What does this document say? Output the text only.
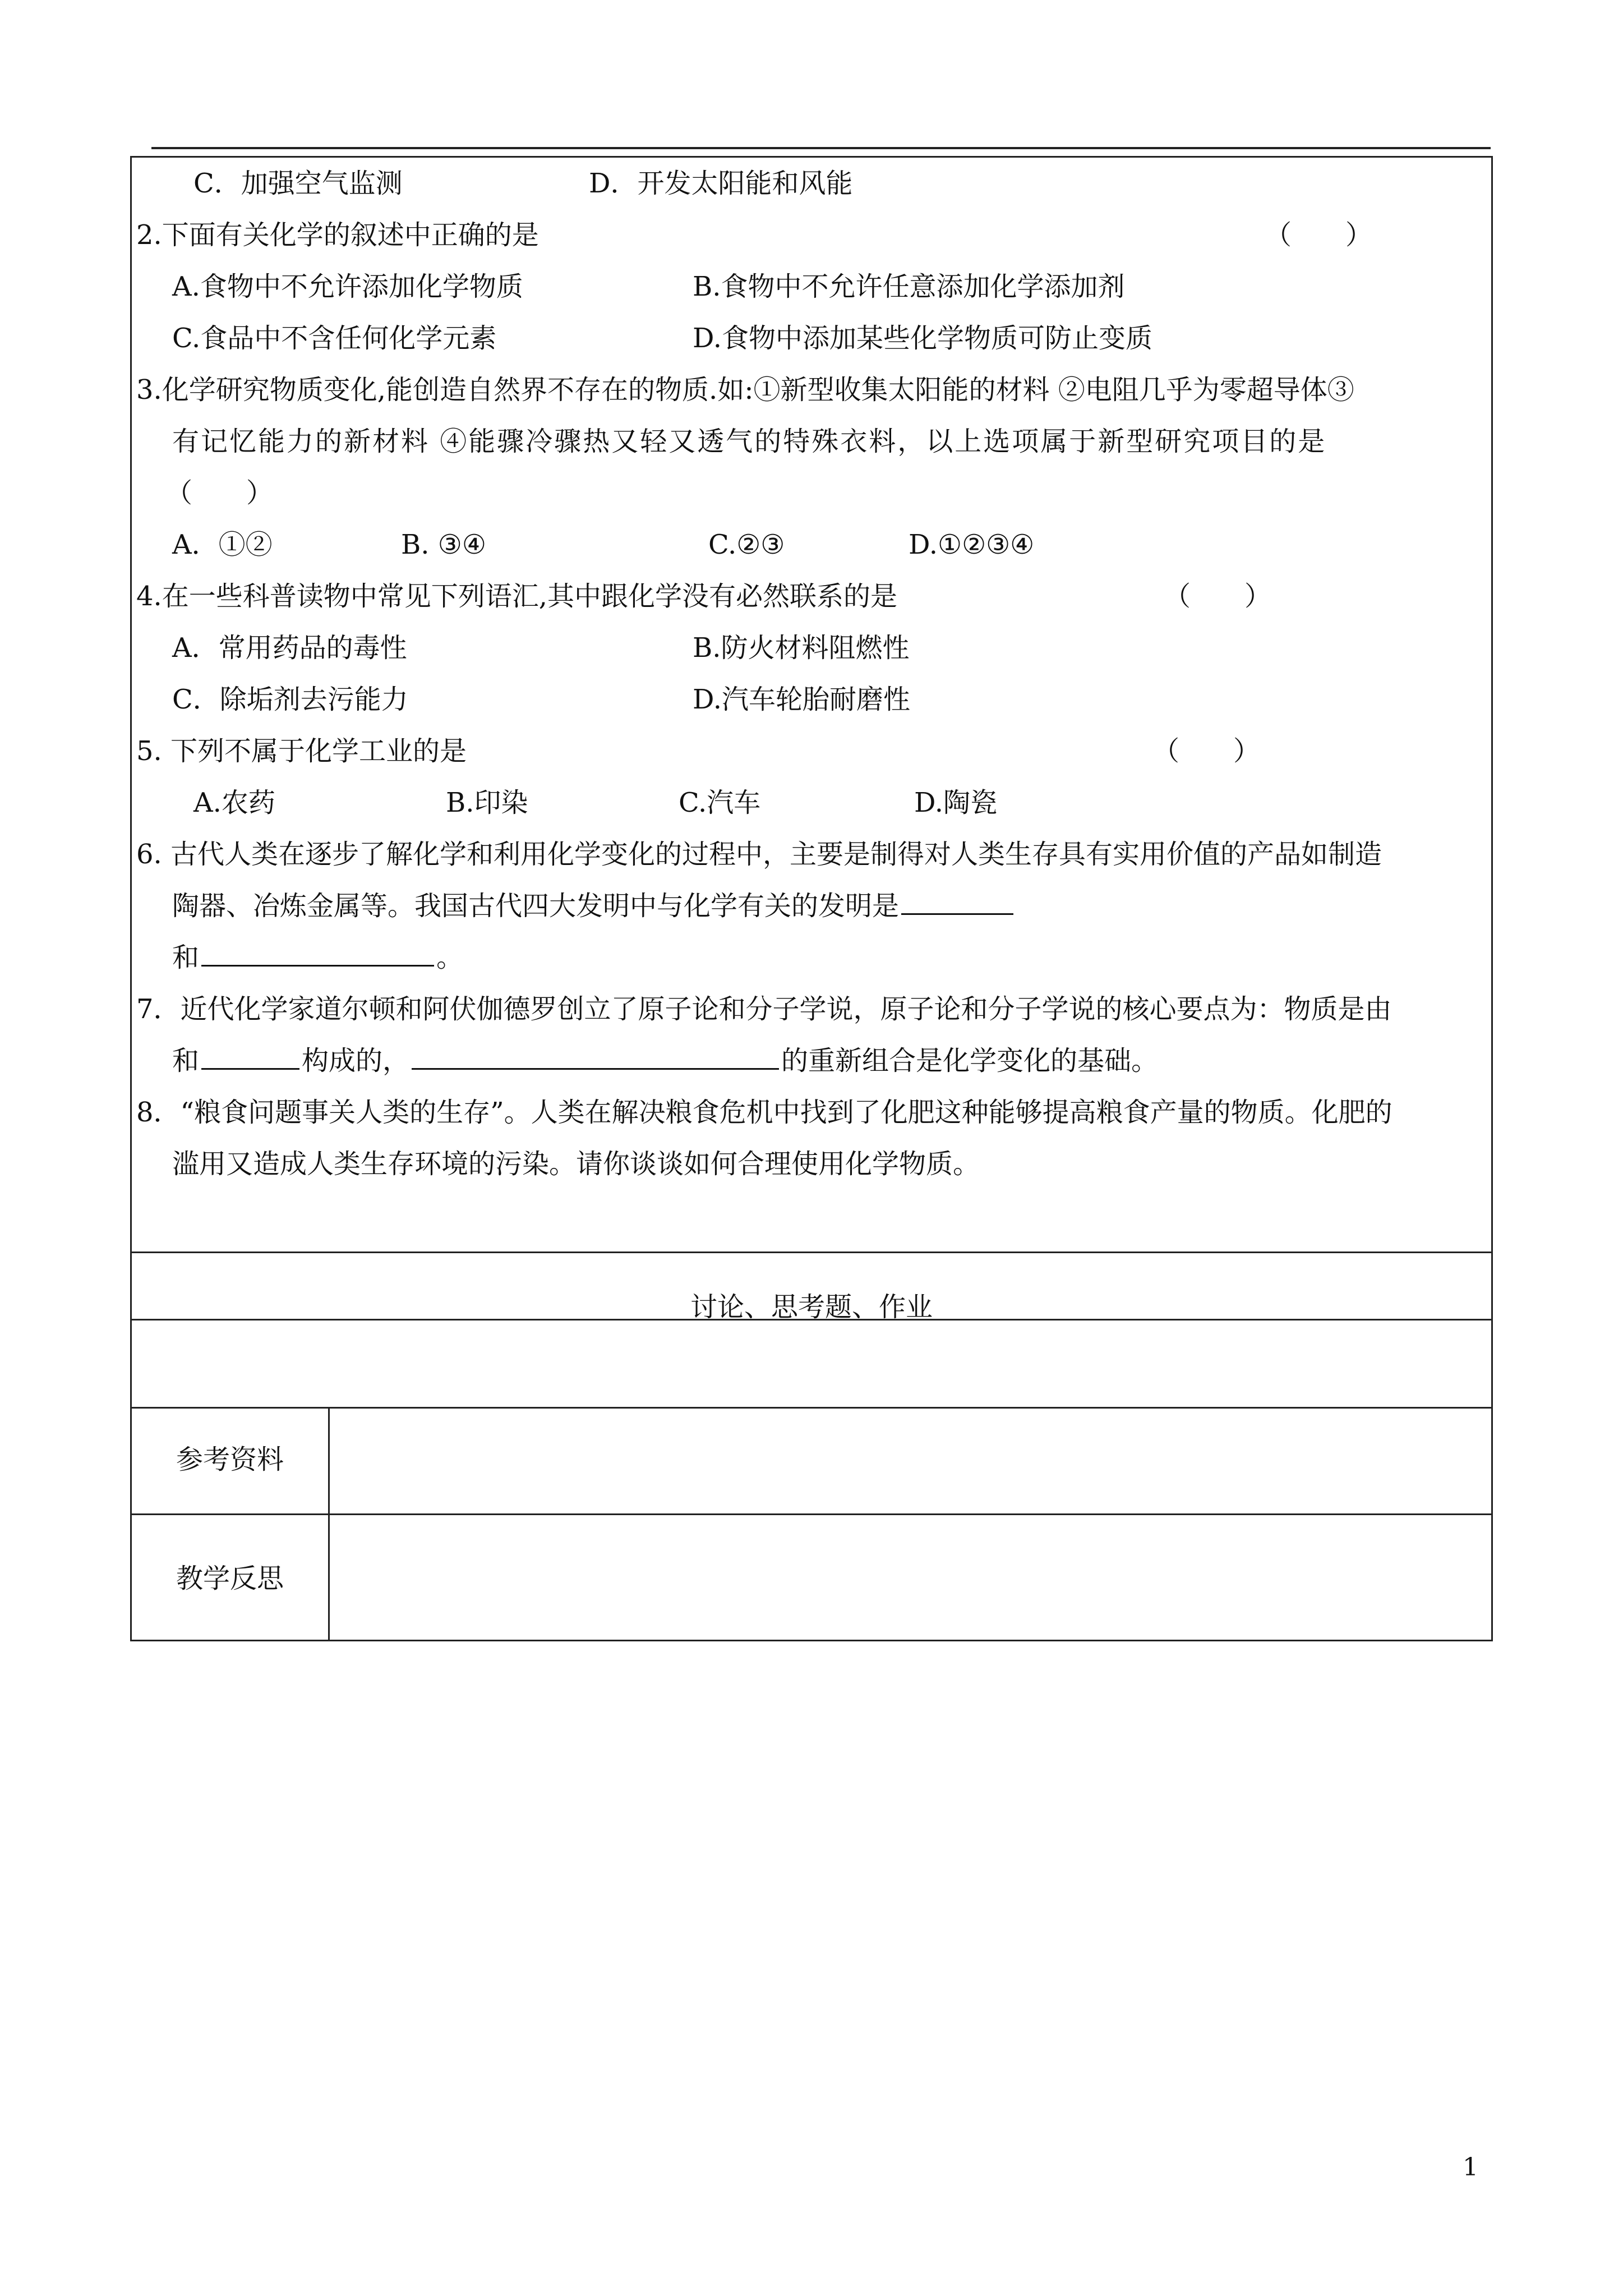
C．加强空气监测	D．开发太阳能和风能
2.下面有关化学的叙述中正确的是	（　　）
A.食物中不允许添加化学物质	B.食物中不允许任意添加化学添加剂
C.食品中不含任何化学元素	D.食物中添加某些化学物质可防止变质
3.化学研究物质变化,能创造自然界不存在的物质.如:①新型收集太阳能的材料 ②电阻几乎为零超导体③
有记忆能力的新材料 ④能骤冷骤热又轻又透气的特殊衣料，以上选项属于新型研究项目的是
（　　）
A．①②	B. ③④	C.②③	D.①②③④
4.在一些科普读物中常见下列语汇,其中跟化学没有必然联系的是	（　　）
A．常用药品的毒性	B.防火材料阻燃性
C．除垢剂去污能力	D.汽车轮胎耐磨性
5. 下列不属于化学工业的是	（　　）
A.农药	B.印染	C.汽车	D.陶瓷
6. 古代人类在逐步了解化学和利用化学变化的过程中，主要是制得对人类生存具有实用价值的产品如制造
陶器、冶炼金属等。我国古代四大发明中与化学有关的发明是
和	。
7．近代化学家道尔顿和阿伏伽德罗创立了原子论和分子学说，原子论和分子学说的核心要点为：物质是由
和	构成的，	的重新组合是化学变化的基础。
8．“粮食问题事关人类的生存”。人类在解决粮食危机中找到了化肥这种能够提高粮食产量的物质。化肥的
滥用又造成人类生存环境的污染。请你谈谈如何合理使用化学物质。
讨论、思考题、作业
参考资料
教学反思
1
